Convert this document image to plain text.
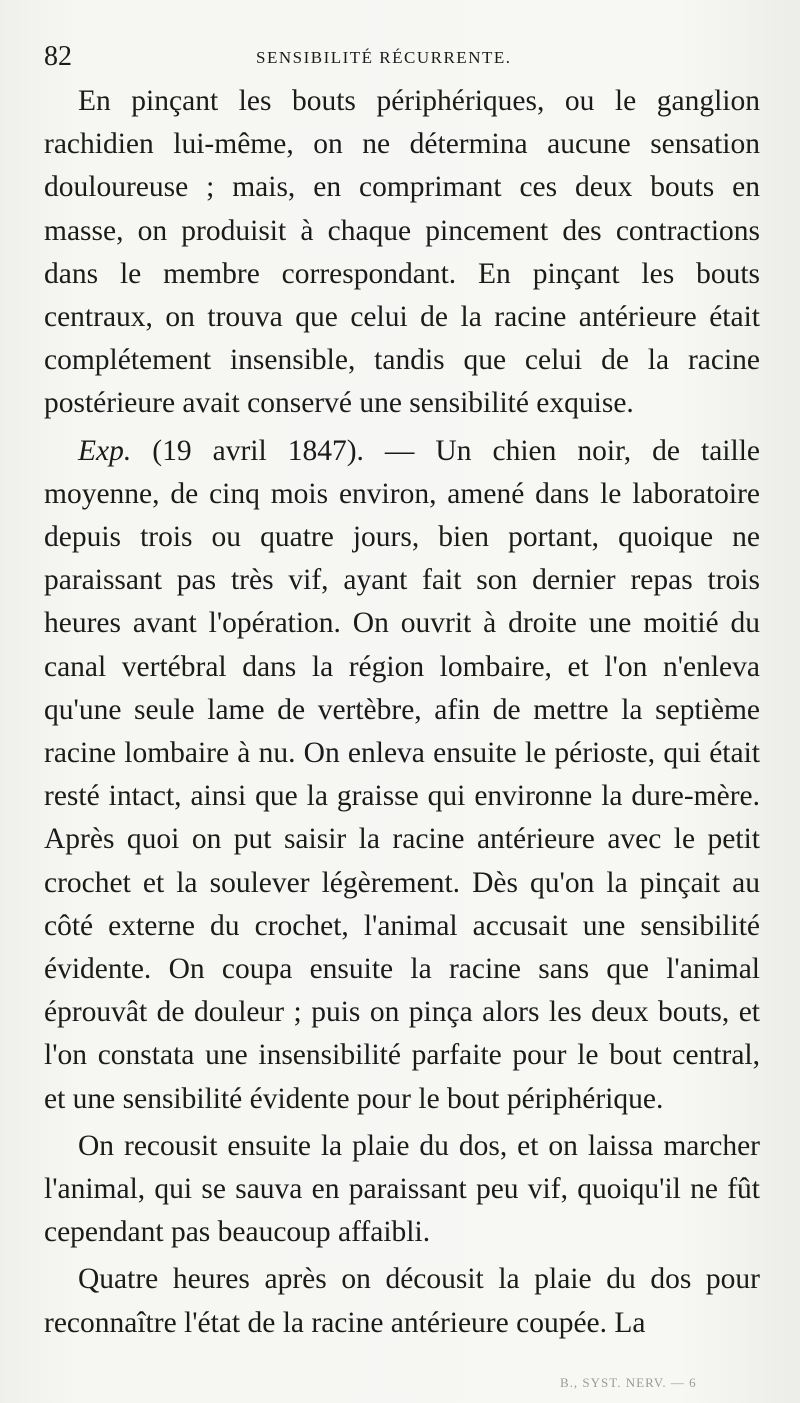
82	SENSIBILITÉ RÉCURRENTE.

En pinçant les bouts périphériques, ou le ganglion rachidien lui-même, on ne détermina aucune sensation douloureuse ; mais, en comprimant ces deux bouts en masse, on produisit à chaque pincement des contractions dans le membre correspondant. En pinçant les bouts centraux, on trouva que celui de la racine antérieure était complétement insensible, tandis que celui de la racine postérieure avait conservé une sensibilité exquise.

Exp. (19 avril 1847). — Un chien noir, de taille moyenne, de cinq mois environ, amené dans le laboratoire depuis trois ou quatre jours, bien portant, quoique ne paraissant pas très vif, ayant fait son dernier repas trois heures avant l'opération. On ouvrit à droite une moitié du canal vertébral dans la région lombaire, et l'on n'enleva qu'une seule lame de vertèbre, afin de mettre la septième racine lombaire à nu. On enleva ensuite le périoste, qui était resté intact, ainsi que la graisse qui environne la dure-mère. Après quoi on put saisir la racine antérieure avec le petit crochet et la soulever légèrement. Dès qu'on la pinçait au côté externe du crochet, l'animal accusait une sensibilité évidente. On coupa ensuite la racine sans que l'animal éprouvât de douleur ; puis on pinça alors les deux bouts, et l'on constata une insensibilité parfaite pour le bout central, et une sensibilité évidente pour le bout périphérique.

On recousit ensuite la plaie du dos, et on laissa marcher l'animal, qui se sauva en paraissant peu vif, quoiqu'il ne fût cependant pas beaucoup affaibli.

Quatre heures après on décousit la plaie du dos pour reconnaître l'état de la racine antérieure coupée. La

B., SYST. NERV. — 6
